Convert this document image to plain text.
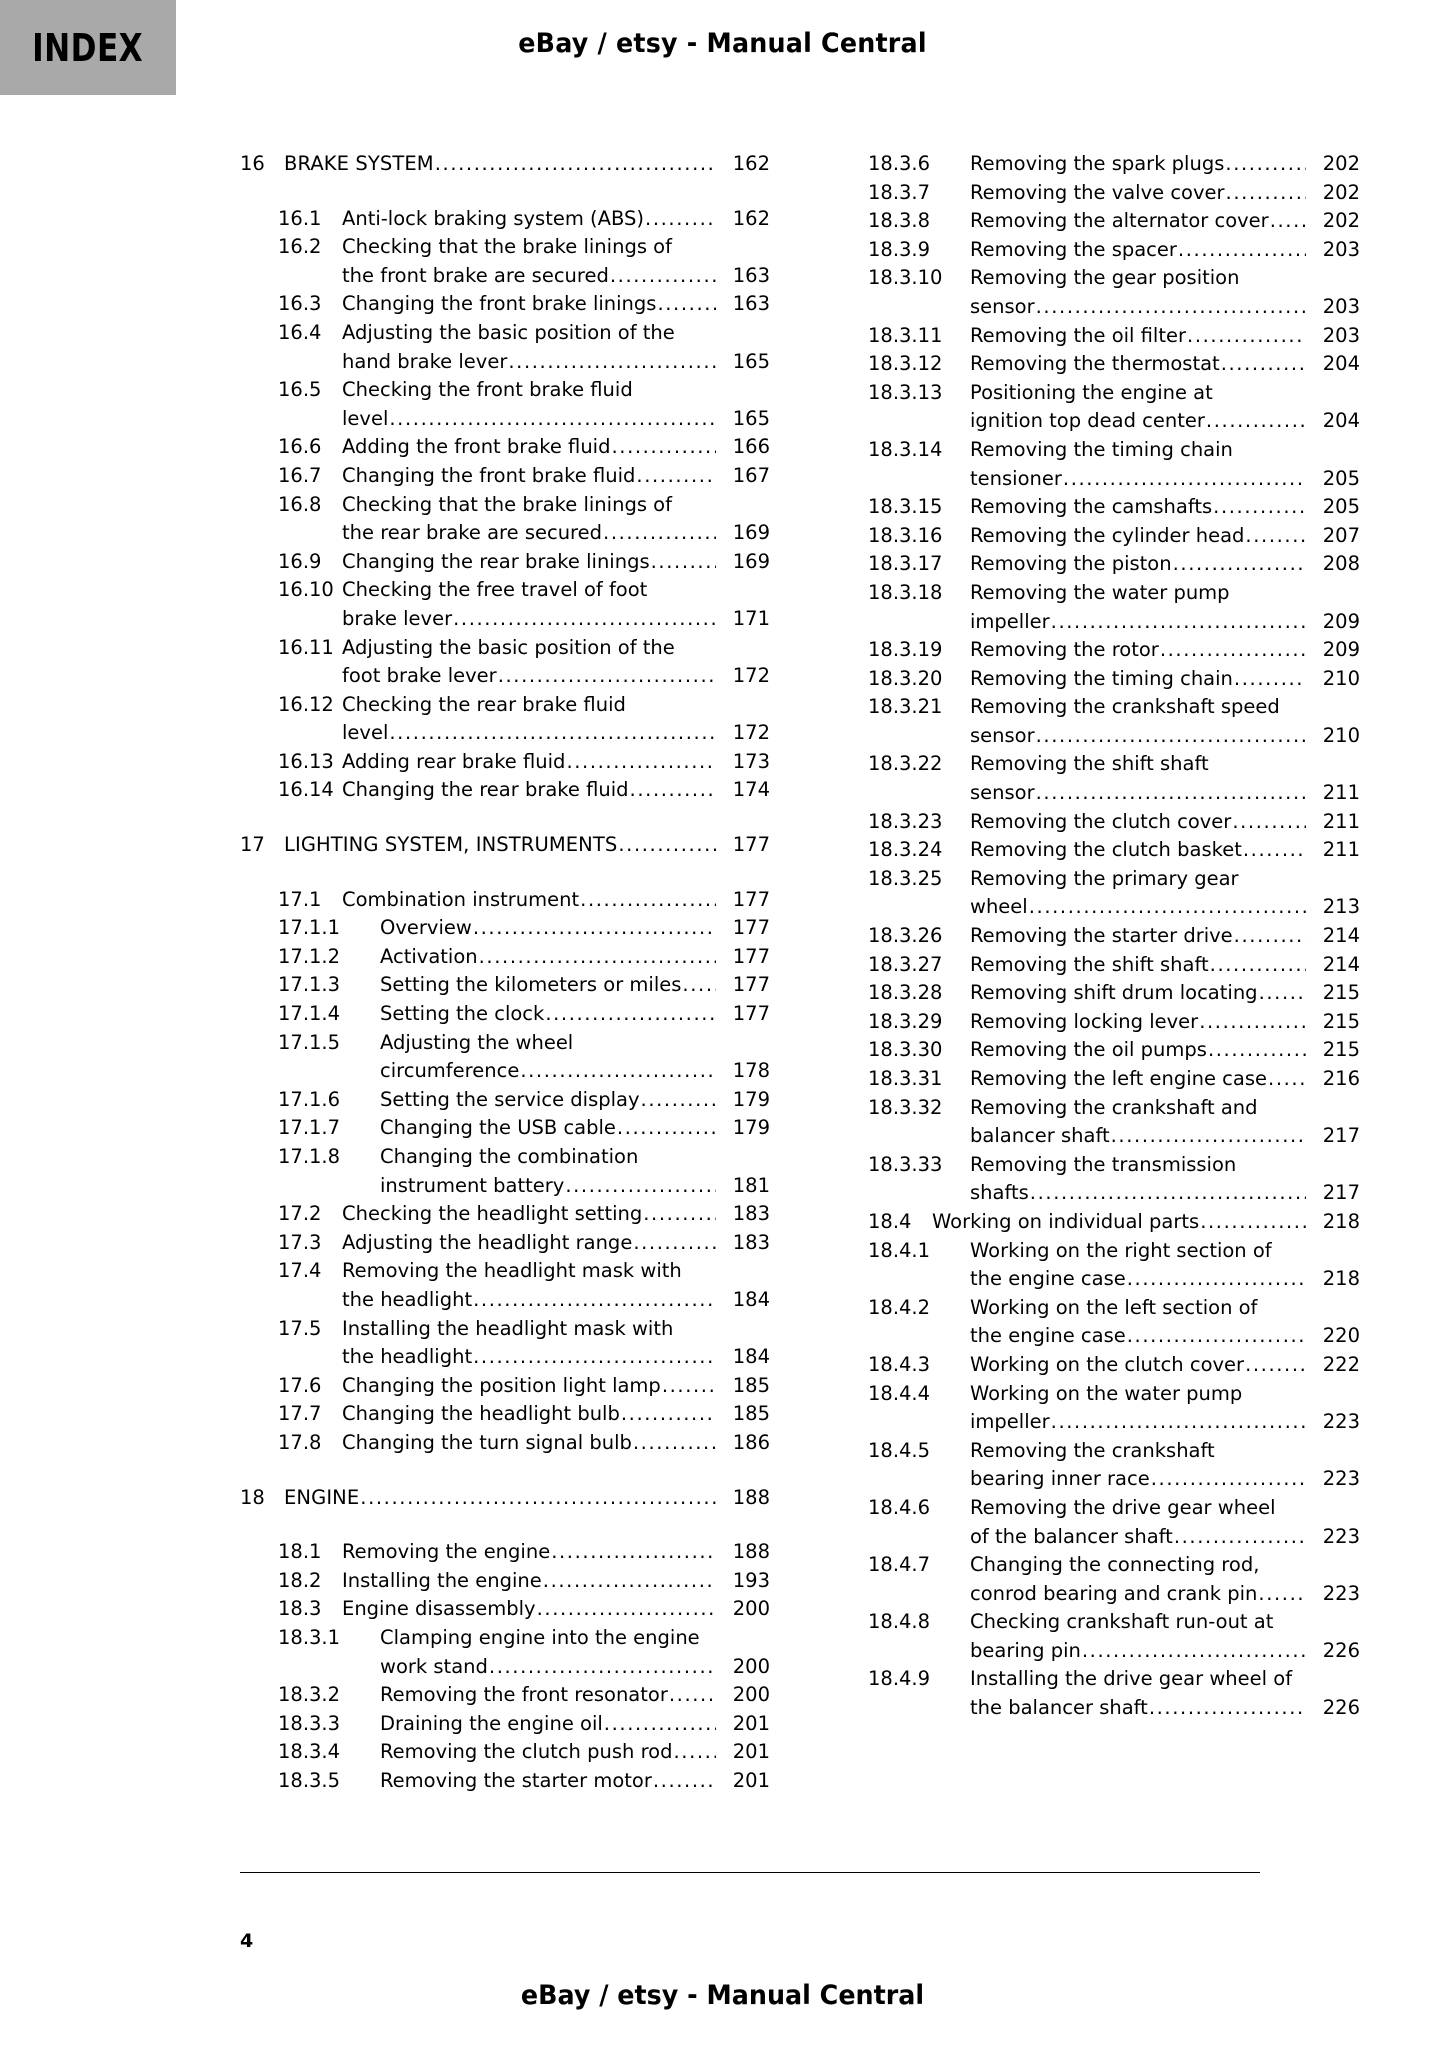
INDEX	eBay / etsy - Manual Central
16 BRAKE SYSTEM .....	162
16.1	Anti-lock braking system (ABS) .....	162
16.2	Checking that the brake linings of
the front brake are secured .....	163
16.3	Changing the front brake linings .....	163
16.4	Adjusting the basic position of the
hand brake lever .....	165
16.5	Checking the front brake fluid
level .....	165
16.6	Adding the front brake fluid .....	166
16.7	Changing the front brake fluid .....	167
16.8	Checking that the brake linings of
the rear brake are secured .....	169
16.9	Changing the rear brake linings .....	169
16.10 Checking the free travel of foot
brake lever .....	171
16.11 Adjusting the basic position of the
foot brake lever .....	172
16.12 Checking the rear brake fluid
level .....	172
16.13 Adding rear brake fluid .....	173
16.14 Changing the rear brake fluid .....	174
17 LIGHTING SYSTEM, INSTRUMENTS .....	177
17.1	Combination instrument .....	177
17.1.1	Overview .....	177
17.1.2	Activation .....	177
17.1.3	Setting the kilometers or miles .....	177
17.1.4	Setting the clock .....	177
17.1.5	Adjusting the wheel
circumference .....	178
17.1.6	Setting the service display .....	179
17.1.7	Changing the USB cable .....	179
17.1.8	Changing the combination
instrument battery .....	181
17.2	Checking the headlight setting .....	183
17.3	Adjusting the headlight range .....	183
17.4	Removing the headlight mask with
the headlight .....	184
17.5	Installing the headlight mask with
the headlight .....	184
17.6	Changing the position light lamp .....	185
17.7	Changing the headlight bulb .....	185
17.8	Changing the turn signal bulb .....	186
18 ENGINE .....	188
18.1	Removing the engine .....	188
18.2	Installing the engine .....	193
18.3	Engine disassembly .....	200
18.3.1	Clamping engine into the engine
work stand .....	200
18.3.2	Removing the front resonator .....	200
18.3.3	Draining the engine oil .....	201
18.3.4	Removing the clutch push rod .....	201
18.3.5	Removing the starter motor .....	201
18.3.6	Removing the spark plugs .....	202
18.3.7	Removing the valve cover .....	202
18.3.8	Removing the alternator cover .....	202
18.3.9	Removing the spacer .....	203
18.3.10	Removing the gear position
sensor .....	203
18.3.11	Removing the oil filter .....	203
18.3.12	Removing the thermostat .....	204
18.3.13	Positioning the engine at
ignition top dead center .....	204
18.3.14	Removing the timing chain
tensioner .....	205
18.3.15	Removing the camshafts .....	205
18.3.16	Removing the cylinder head .....	207
18.3.17	Removing the piston .....	208
18.3.18	Removing the water pump
impeller .....	209
18.3.19	Removing the rotor .....	209
18.3.20	Removing the timing chain .....	210
18.3.21	Removing the crankshaft speed
sensor .....	210
18.3.22	Removing the shift shaft
sensor .....	211
18.3.23	Removing the clutch cover .....	211
18.3.24	Removing the clutch basket .....	211
18.3.25	Removing the primary gear
wheel .....	213
18.3.26	Removing the starter drive .....	214
18.3.27	Removing the shift shaft .....	214
18.3.28	Removing shift drum locating .....	215
18.3.29	Removing locking lever .....	215
18.3.30	Removing the oil pumps .....	215
18.3.31	Removing the left engine case .....	216
18.3.32	Removing the crankshaft and
balancer shaft .....	217
18.3.33	Removing the transmission
shafts .....	217
18.4	Working on individual parts .....	218
18.4.1	Working on the right section of
the engine case .....	218
18.4.2	Working on the left section of
the engine case .....	220
18.4.3	Working on the clutch cover .....	222
18.4.4	Working on the water pump
impeller .....	223
18.4.5	Removing the crankshaft
bearing inner race .....	223
18.4.6	Removing the drive gear wheel
of the balancer shaft .....	223
18.4.7	Changing the connecting rod,
conrod bearing and crank pin .....	223
18.4.8	Checking crankshaft run-out at
bearing pin .....	226
18.4.9	Installing the drive gear wheel of
the balancer shaft .....	226
4
eBay / etsy - Manual Central
